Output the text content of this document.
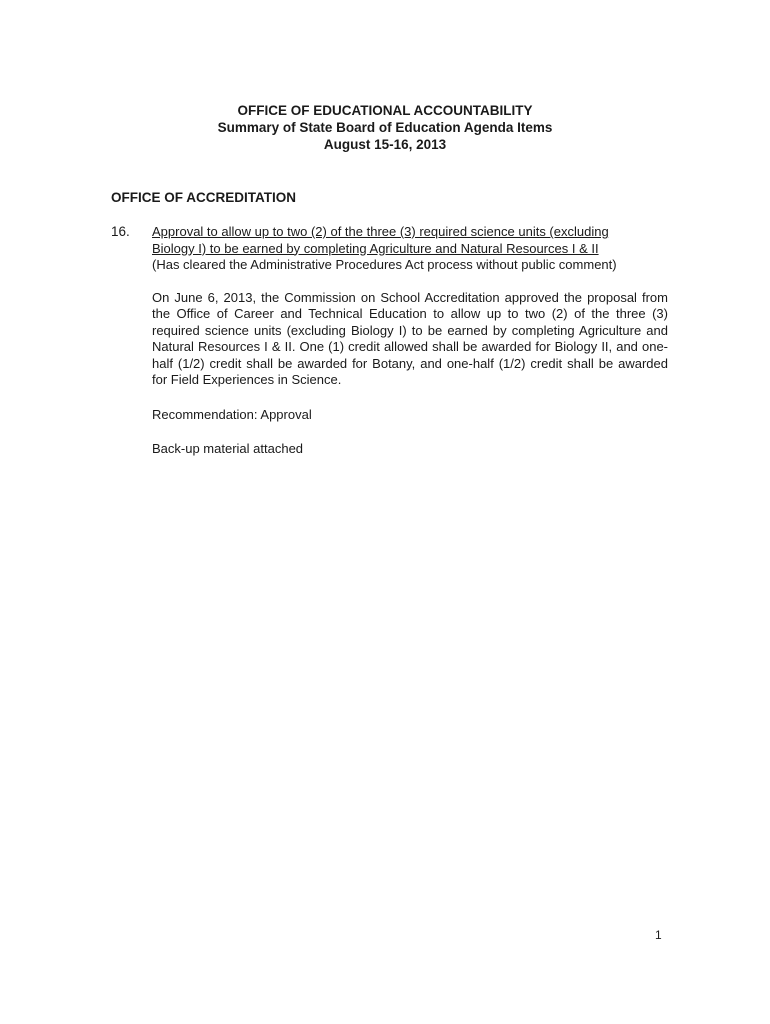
OFFICE OF EDUCATIONAL ACCOUNTABILITY
Summary of State Board of Education Agenda Items
August 15-16, 2013
OFFICE OF ACCREDITATION
16. Approval to allow up to two (2) of the three (3) required science units (excluding
Biology I) to be earned by completing Agriculture and Natural Resources I & II
(Has cleared the Administrative Procedures Act process without public comment)
On June 6, 2013, the Commission on School Accreditation approved the proposal from the Office of Career and Technical Education to allow up to two (2) of the three (3) required science units (excluding Biology I) to be earned by completing Agriculture and Natural Resources I & II. One (1) credit allowed shall be awarded for Biology II, and one-half (1/2) credit shall be awarded for Botany, and one-half (1/2) credit shall be awarded for Field Experiences in Science.
Recommendation: Approval
Back-up material attached
1
